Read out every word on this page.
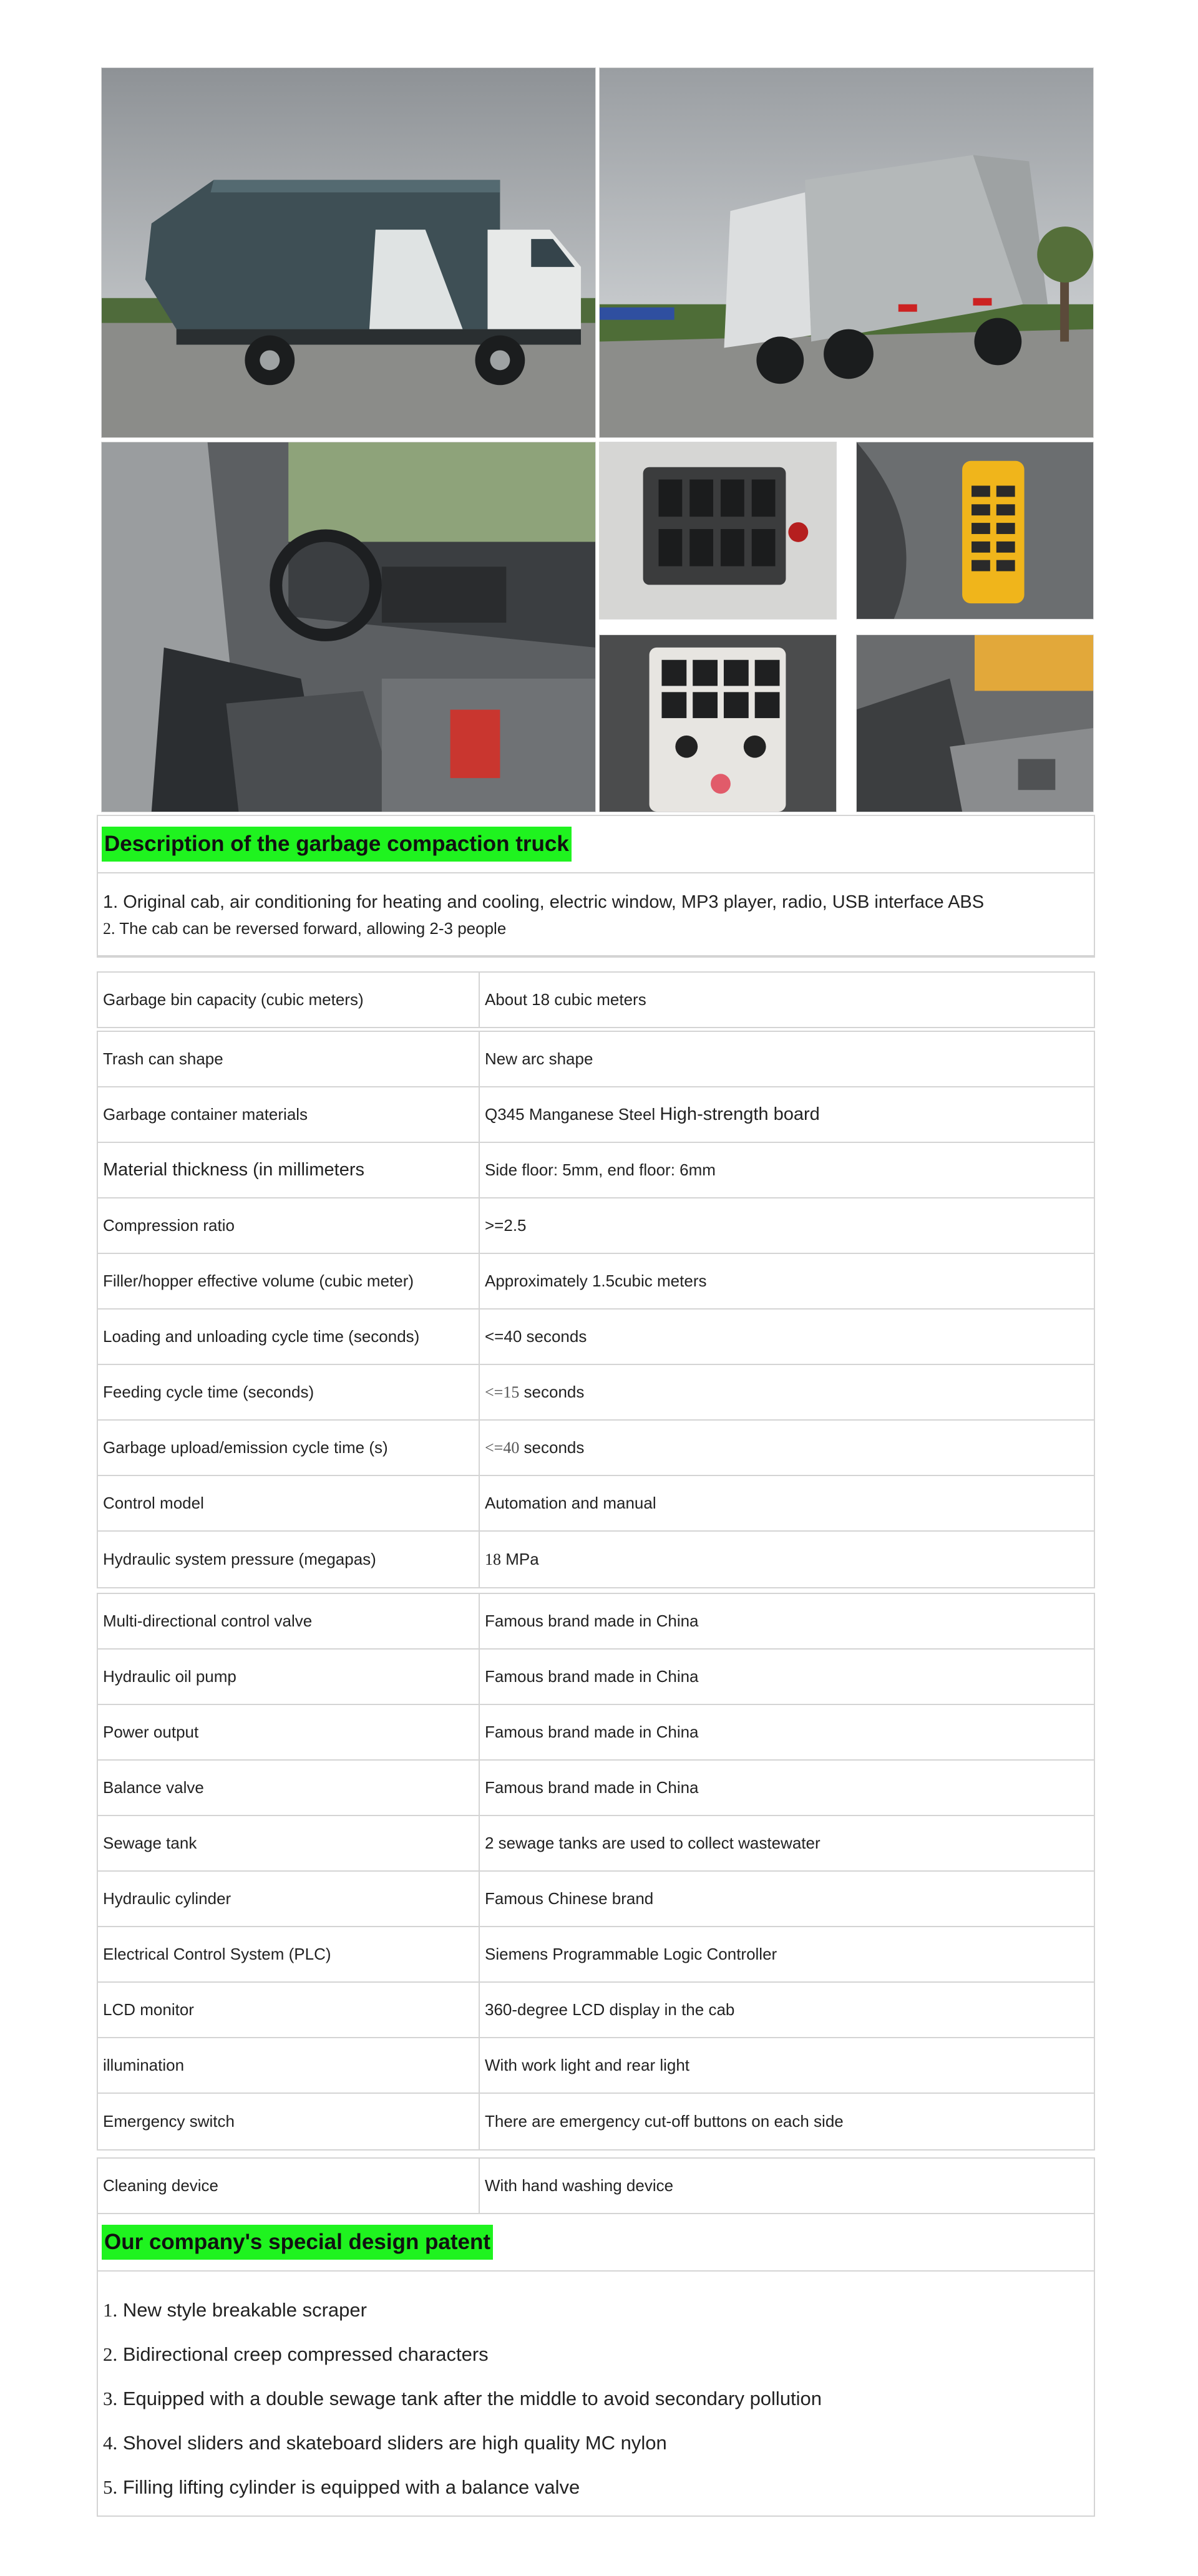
Description of the garbage compaction truck
1. Original cab, air conditioning for heating and cooling, electric window, MP3 player, radio, USB interface ABS
2. The cab can be reversed forward, allowing 2-3 people
Garbage bin capacity (cubic meters)	About 18 cubic meters
Trash can shape	New arc shape
Garbage container materials	Q345 Manganese Steel High-strength board
Material thickness (in millimeters	Side floor: 5mm, end floor: 6mm
Compression ratio	>=2.5
Filler/hopper effective volume (cubic meter)	Approximately 1.5cubic meters
Loading and unloading cycle time (seconds)	<=40 seconds
Feeding cycle time (seconds)	<=15 seconds
Garbage upload/emission cycle time (s)	<=40 seconds
Control model	Automation and manual
Hydraulic system pressure (megapas)	18 MPa
Multi-directional control valve	Famous brand made in China
Hydraulic oil pump	Famous brand made in China
Power output	Famous brand made in China
Balance valve	Famous brand made in China
Sewage tank	2 sewage tanks are used to collect wastewater
Hydraulic cylinder	Famous Chinese brand
Electrical Control System (PLC)	Siemens Programmable Logic Controller
LCD monitor	360-degree LCD display in the cab
illumination	With work light and rear light
Emergency switch	There are emergency cut-off buttons on each side
Cleaning device	With hand washing device
Our company's special design patent
1. New style breakable scraper
2. Bidirectional creep compressed characters
3. Equipped with a double sewage tank after the middle to avoid secondary pollution
4. Shovel sliders and skateboard sliders are high quality MC nylon
5. Filling lifting cylinder is equipped with a balance valve
